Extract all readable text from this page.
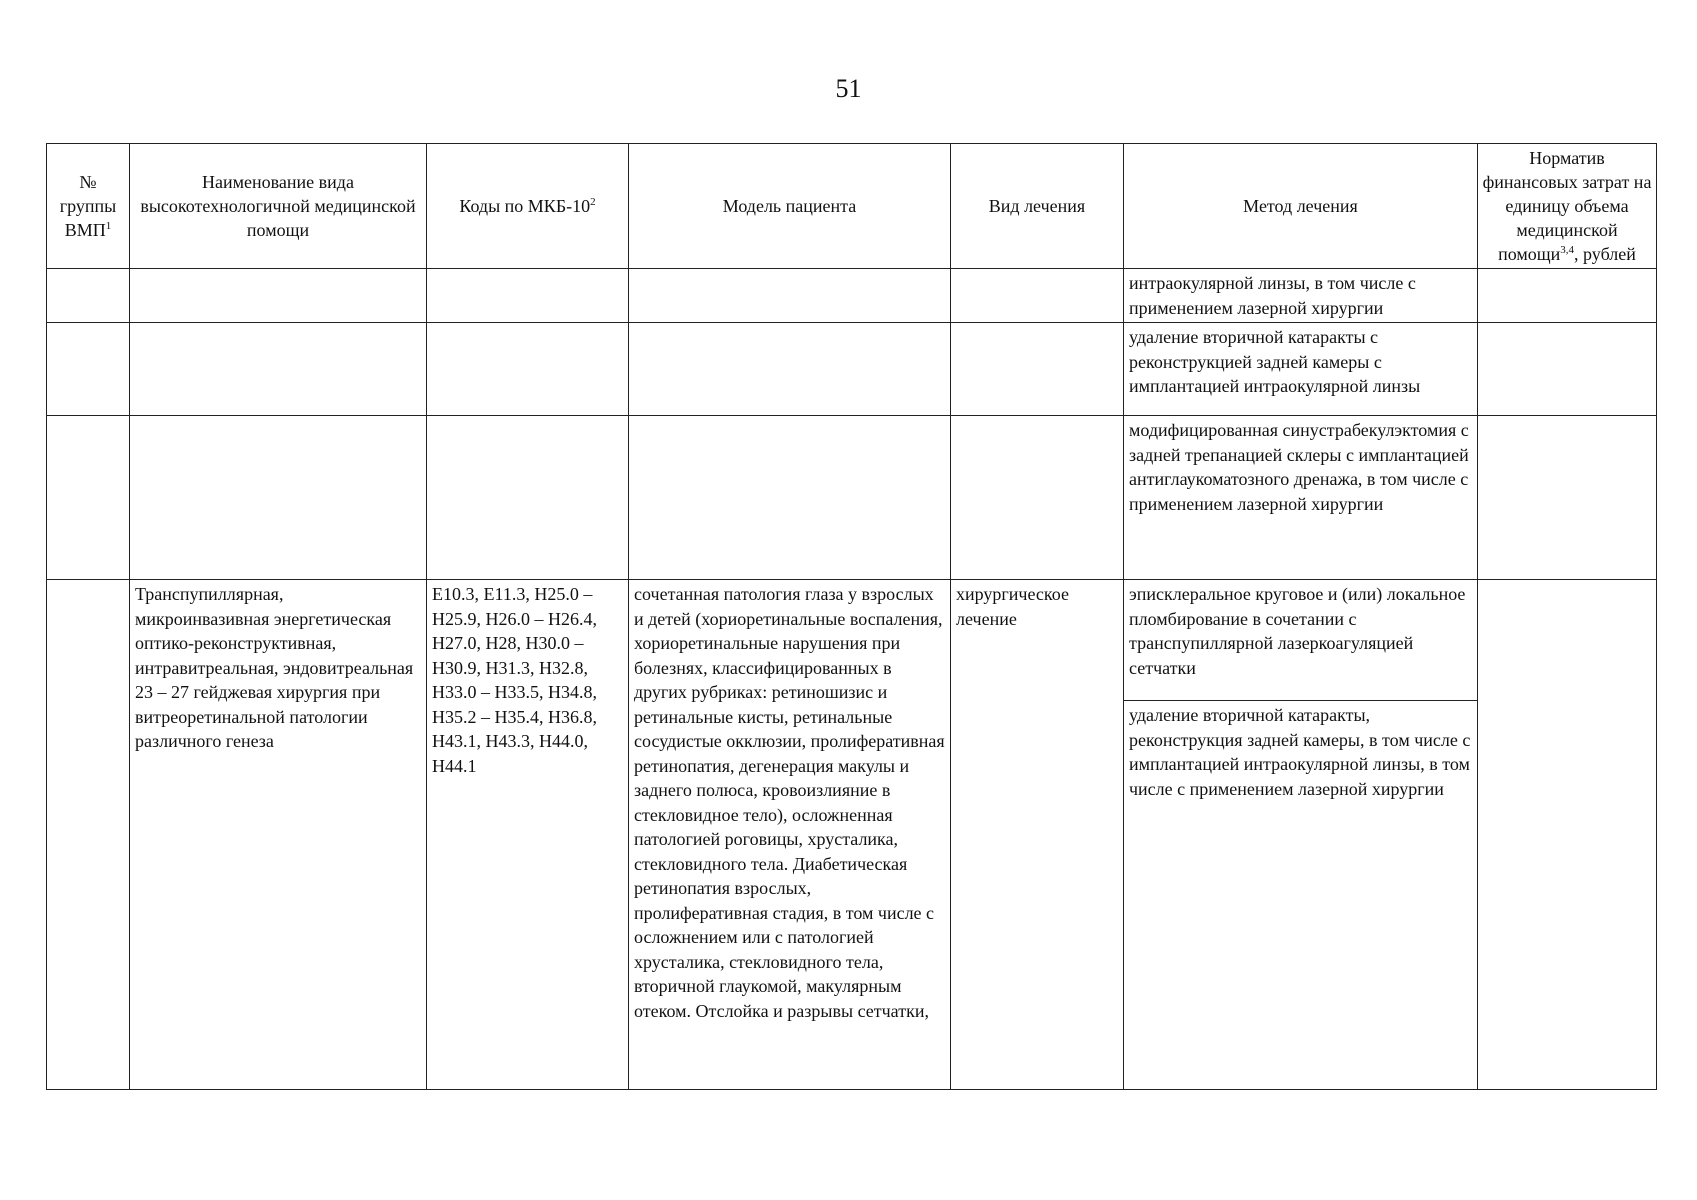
51
№ группы ВМП$^1$	Наименование вида высокотехнологичной медицинской помощи	Коды по МКБ-$10^2$	Модель пациента	Вид лечения	Метод лечения	Норматив финансовых затрат на единицу объема медицинской помощи$^{3,4}$, рублей
					интраокулярной линзы, в том числе с применением лазерной хирургии	
					удаление вторичной катаракты с реконструкцией задней камеры с имплантацией интраокулярной линзы	
					модифицированная синустрабекулэктомия с задней трепанацией склеры с имплантацией антиглаукоматозного дренажа, в том числе с применением лазерной хирургии	
	Транспупиллярная, микроинвазивная энергетическая оптико-реконструктивная, интравитреальная, эндовитреальная 23 – 27 гейджевая хирургия при витреоретинальной патологии различного генеза	E10.3, E11.3, H25.0 – H25.9, H26.0 – H26.4, H27.0, H28, H30.0 – H30.9, H31.3, H32.8, H33.0 – H33.5, H34.8, H35.2 – H35.4, H36.8, H43.1, H43.3, H44.0, H44.1	сочетанная патология глаза у взрослых и детей (хориоретинальные воспаления, хориоретинальные нарушения при болезнях, классифицированных в других рубриках: ретиношизис и ретинальные кисты, ретинальные сосудистые окклюзии, пролиферативная ретинопатия, дегенерация макулы и заднего полюса, кровоизлияние в стекловидное тело), осложненная патологией роговицы, хрусталика, стекловидного тела. Диабетическая ретинопатия взрослых, пролиферативная стадия, в том числе с осложнением или с патологией хрусталика, стекловидного тела, вторичной глаукомой, макулярным отеком. Отслойка и разрывы сетчатки,	хирургическое лечение	эписклеральное круговое и (или) локальное пломбирование в сочетании с транспупиллярной лазеркоагуляцией сетчатки	
					удаление вторичной катаракты, реконструкция задней камеры, в том числе с имплантацией интраокулярной линзы, в том числе с применением лазерной хирургии	
